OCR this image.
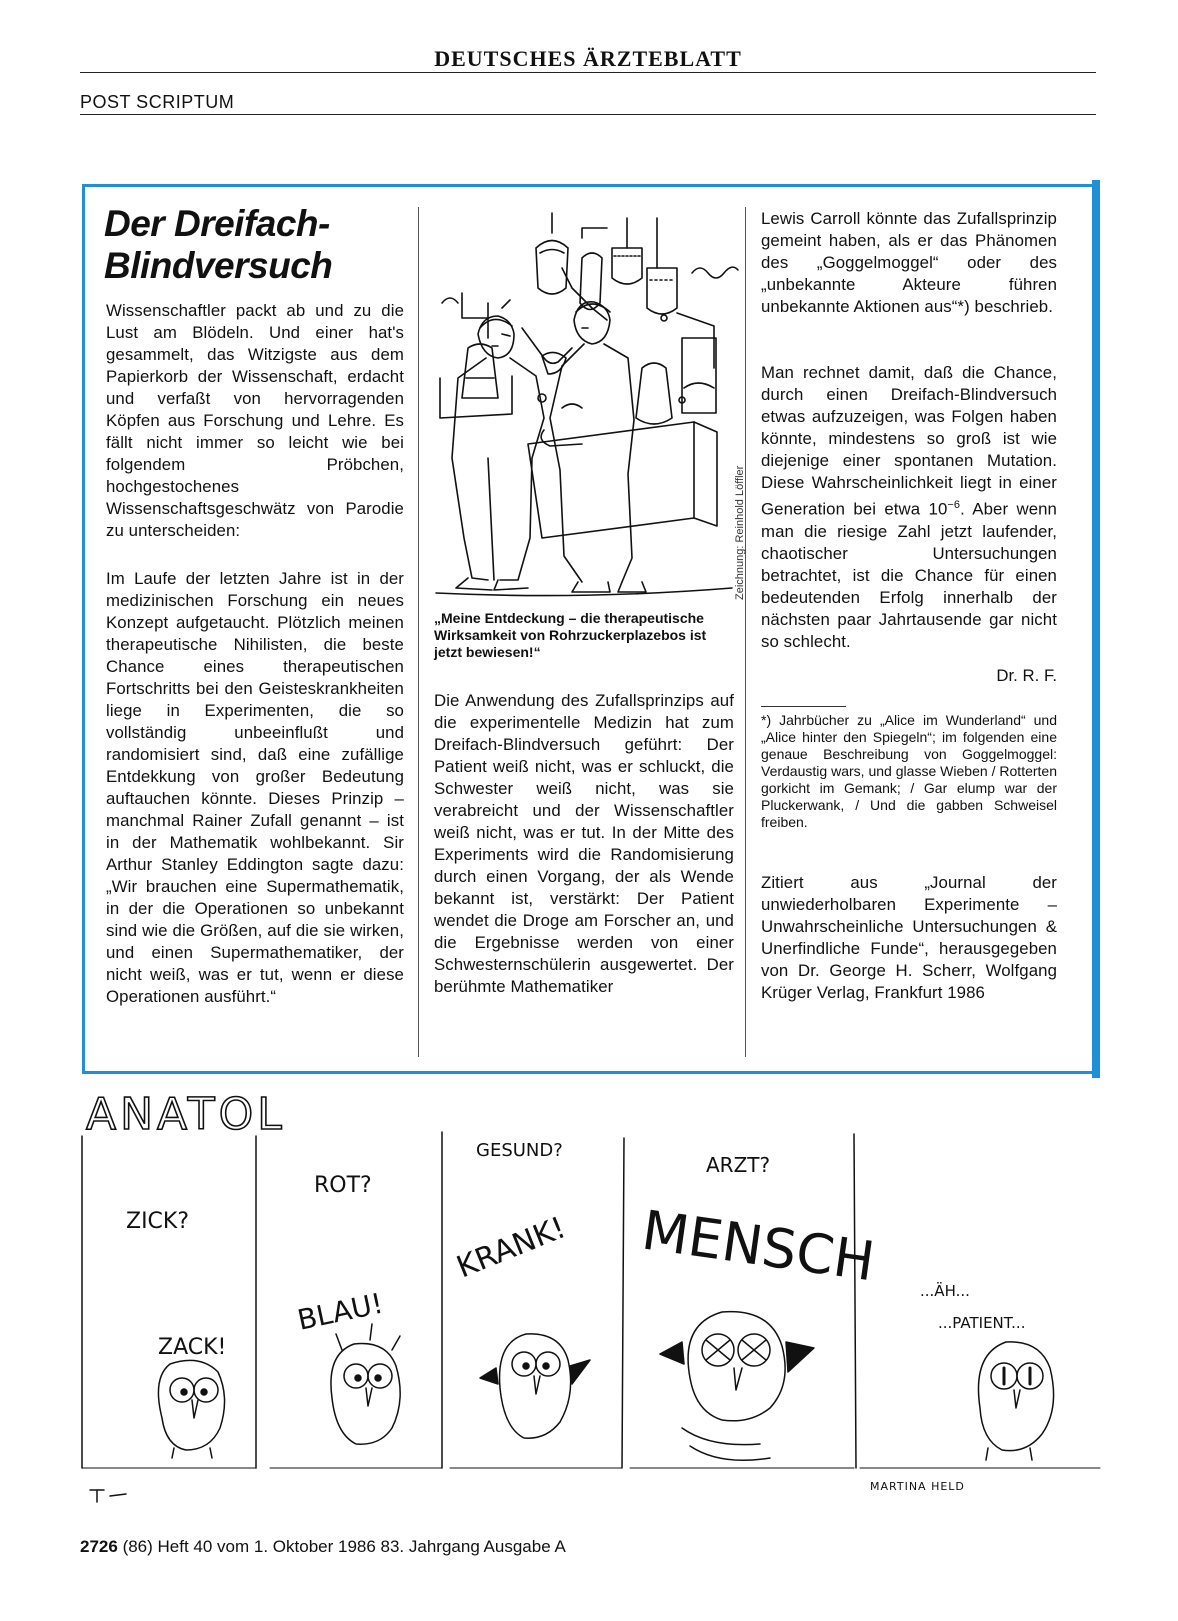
DEUTSCHES ÄRZTEBLATT
POST SCRIPTUM
Der Dreifach-
Blindversuch
Wissenschaftler packt ab und zu die Lust am Blödeln. Und einer hat's gesammelt, das Witzigste aus dem Papierkorb der Wissenschaft, erdacht und verfaßt von hervorragenden Köpfen aus Forschung und Lehre. Es fällt nicht immer so leicht wie bei folgendem Pröbchen, hochgestochenes Wissenschaftsgeschwätz von Parodie zu unterscheiden:
Im Laufe der letzten Jahre ist in der medizinischen Forschung ein neues Konzept aufgetaucht. Plötzlich meinen therapeutische Nihilisten, die beste Chance eines therapeutischen Fortschritts bei den Geisteskrankheiten liege in Experimenten, die so vollständig unbeeinflußt und randomisiert sind, daß eine zufällige Entdekkung von großer Bedeutung auftauchen könnte. Dieses Prinzip – manchmal Rainer Zufall genannt – ist in der Mathematik wohlbekannt. Sir Arthur Stanley Eddington sagte dazu: „Wir brauchen eine Supermathematik, in der die Operationen so unbekannt sind wie die Größen, auf die sie wirken, und einen Supermathematiker, der nicht weiß, was er tut, wenn er diese Operationen ausführt.“
Zeichnung: Reinhold Löffler
„Meine Entdeckung – die therapeutische Wirksamkeit von Rohrzuckerplazebos ist jetzt bewiesen!“
Die Anwendung des Zufallsprinzips auf die experimentelle Medizin hat zum Dreifach-Blindversuch geführt: Der Patient weiß nicht, was er schluckt, die Schwester weiß nicht, was sie verabreicht und der Wissenschaftler weiß nicht, was er tut. In der Mitte des Experiments wird die Randomisierung durch einen Vorgang, der als Wende bekannt ist, verstärkt: Der Patient wendet die Droge am Forscher an, und die Ergebnisse werden von einer Schwesternschülerin ausgewertet. Der berühmte Mathematiker
Lewis Carroll könnte das Zufallsprinzip gemeint haben, als er das Phänomen des „Goggelmoggel“ oder des „unbekannte Akteure führen unbekannte Aktionen aus“*) beschrieb.
Man rechnet damit, daß die Chance, durch einen Dreifach-Blindversuch etwas aufzuzeigen, was Folgen haben könnte, mindestens so groß ist wie diejenige einer spontanen Mutation. Diese Wahrscheinlichkeit liegt in einer Generation bei etwa $10^{-6}$. Aber wenn man die riesige Zahl jetzt laufender, chaotischer Untersuchungen betrachtet, ist die Chance für einen bedeutenden Erfolg innerhalb der nächsten paar Jahrtausende gar nicht so schlecht.
Dr. R. F.
*) Jahrbücher zu „Alice im Wunderland“ und „Alice hinter den Spiegeln“; im folgenden eine genaue Beschreibung von Goggelmoggel: Verdaustig wars, und glasse Wieben / Rotterten gorkicht im Gemank; / Gar elump war der Pluckerwank, / Und die gabben Schweisel freiben.
Zitiert aus „Journal der unwiederholbaren Experimente – Unwahrscheinliche Untersuchungen & Unerfindliche Funde“, herausgegeben von Dr. George H. Scherr, Wolfgang Krüger Verlag, Frankfurt 1986
ANATOL
ZICK?
ZACK!
ROT?
BLAU!
GESUND?
KRANK!
ARZT?
MENSCH	...ÄH...
...PATIENT...
MARTINA HELD
2726 (86) Heft 40 vom 1. Oktober 1986 83. Jahrgang Ausgabe A
